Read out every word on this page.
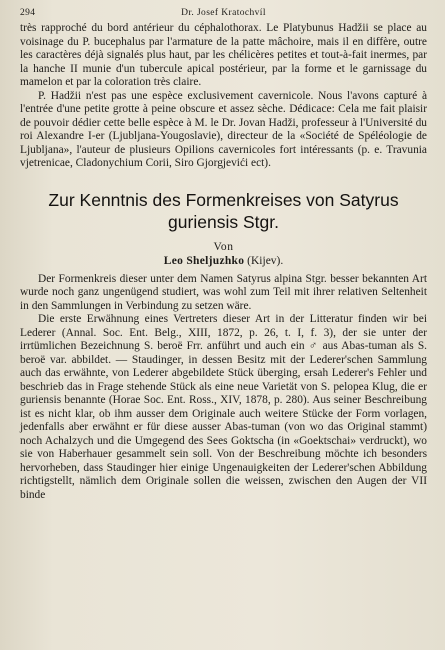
294	Dr. Josef Kratochvíl

très rapproché du bord antérieur du céphalothorax. Le Platybunus Hadžii se place au voisinage du P. bucephalus par l'armature de la patte mâchoire, mais il en diffère, outre les caractères déjà signalés plus haut, par les chélicères petites et tout-à-fait inermes, par la hanche II munie d'un tubercule apical postérieur, par la forme et le garnissage du mamelon et par la coloration très claire.

P. Hadžii n'est pas une espèce exclusivement cavernicole. Nous l'avons capturé à l'entrée d'une petite grotte à peine obscure et assez sèche. Dédicace: Cela me fait plaisir de pouvoir dédier cette belle espèce à M. le Dr. Jovan Hadži, professeur à l'Université du roi Alexandre I-er (Ljubljana-Yougoslavie), directeur de la «Société de Spéléologie de Ljubljana», l'auteur de plusieurs Opilions cavernicoles fort intéressants (p. e. Travunia vjetrenicae, Cladonychium Corii, Siro Gjorgjevići ect).

Zur Kenntnis des Formenkreises von Satyrus guriensis Stgr.

Von

Leo Sheljuzhko (Kijev).

Der Formenkreis dieser unter dem Namen Satyrus alpina Stgr. besser bekannten Art wurde noch ganz ungenügend studiert, was wohl zum Teil mit ihrer relativen Seltenheit in den Sammlungen in Verbindung zu setzen wäre.

Die erste Erwähnung eines Vertreters dieser Art in der Litteratur finden wir bei Lederer (Annal. Soc. Ent. Belg., XIII, 1872, p. 26, t. I, f. 3), der sie unter der irrtümlichen Bezeichnung S. beroë Frr. anführt und auch ein ♂ aus Abas-tuman als S. beroë var. abbildet. — Staudinger, in dessen Besitz mit der Lederer'schen Sammlung auch das erwähnte, von Lederer abgebildete Stück überging, ersah Lederer's Fehler und beschrieb das in Frage stehende Stück als eine neue Varietät von S. pelopea Klug, die er guriensis benannte (Horae Soc. Ent. Ross., XIV, 1878, p. 280). Aus seiner Beschreibung ist es nicht klar, ob ihm ausser dem Originale auch weitere Stücke der Form vorlagen, jedenfalls aber erwähnt er für diese ausser Abas-tuman (von wo das Original stammt) noch Achalzych und die Umgegend des Sees Goktscha (in «Goektschai» verdruckt), wo sie von Haberhauer gesammelt sein soll. Von der Beschreibung möchte ich besonders hervorheben, dass Staudinger hier einige Ungenauigkeiten der Lederer'schen Abbildung richtigstellt, nämlich dem Originale sollen die weissen, zwischen den Augen der VII binde
